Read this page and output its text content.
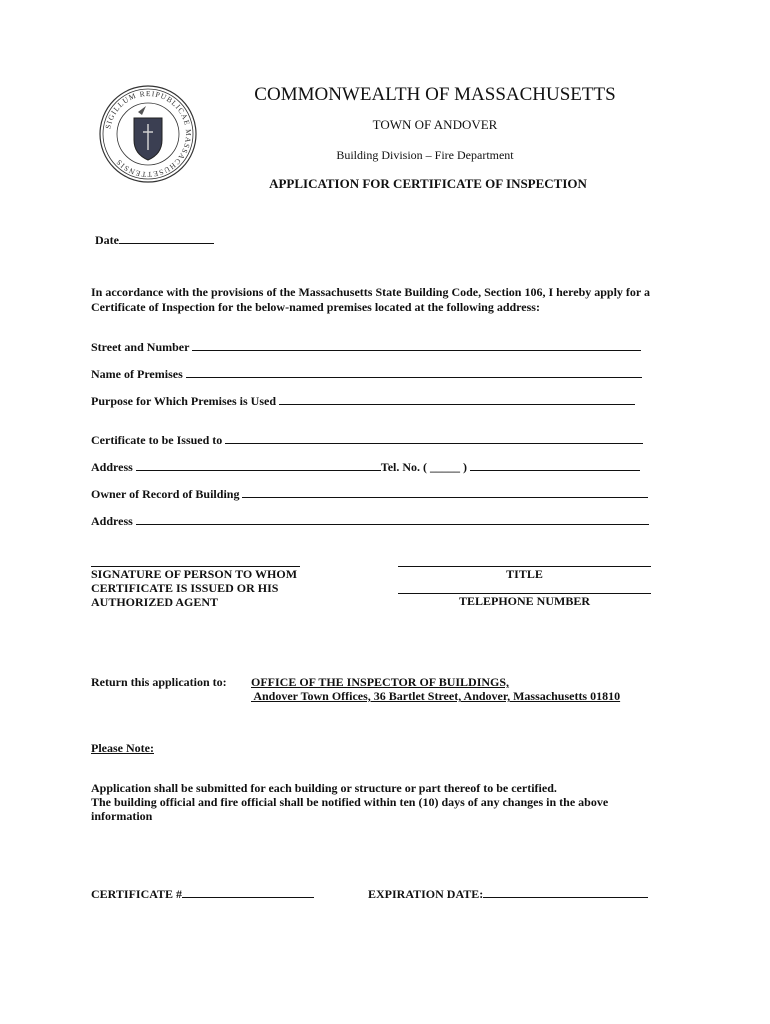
SIGILLUM REIPUBLICAE MASSACHUSETTENSIS
COMMONWEALTH OF MASSACHUSETTS
TOWN OF ANDOVER
Building Division – Fire Department
APPLICATION FOR CERTIFICATE OF INSPECTION
Date
In accordance with the provisions of the Massachusetts State Building Code, Section 106, I hereby apply for a Certificate of Inspection for the below-named premises located at the following address:
Street and Number
Name of Premises
Purpose for Which Premises is Used
Certificate to be Issued to
Address	Tel. No. ( _____ )
Owner of Record of Building
Address
SIGNATURE OF PERSON TO WHOM
CERTIFICATE IS ISSUED OR HIS
AUTHORIZED AGENT
TITLE
TELEPHONE NUMBER
Return this application to: OFFICE OF THE INSPECTOR OF BUILDINGS,
Andover Town Offices, 36 Bartlet Street, Andover, Massachusetts 01810
Please Note:
Application shall be submitted for each building or structure or part thereof to be certified.
The building official and fire official shall be notified within ten (10) days of any changes in the above information
CERTIFICATE #	EXPIRATION DATE:
